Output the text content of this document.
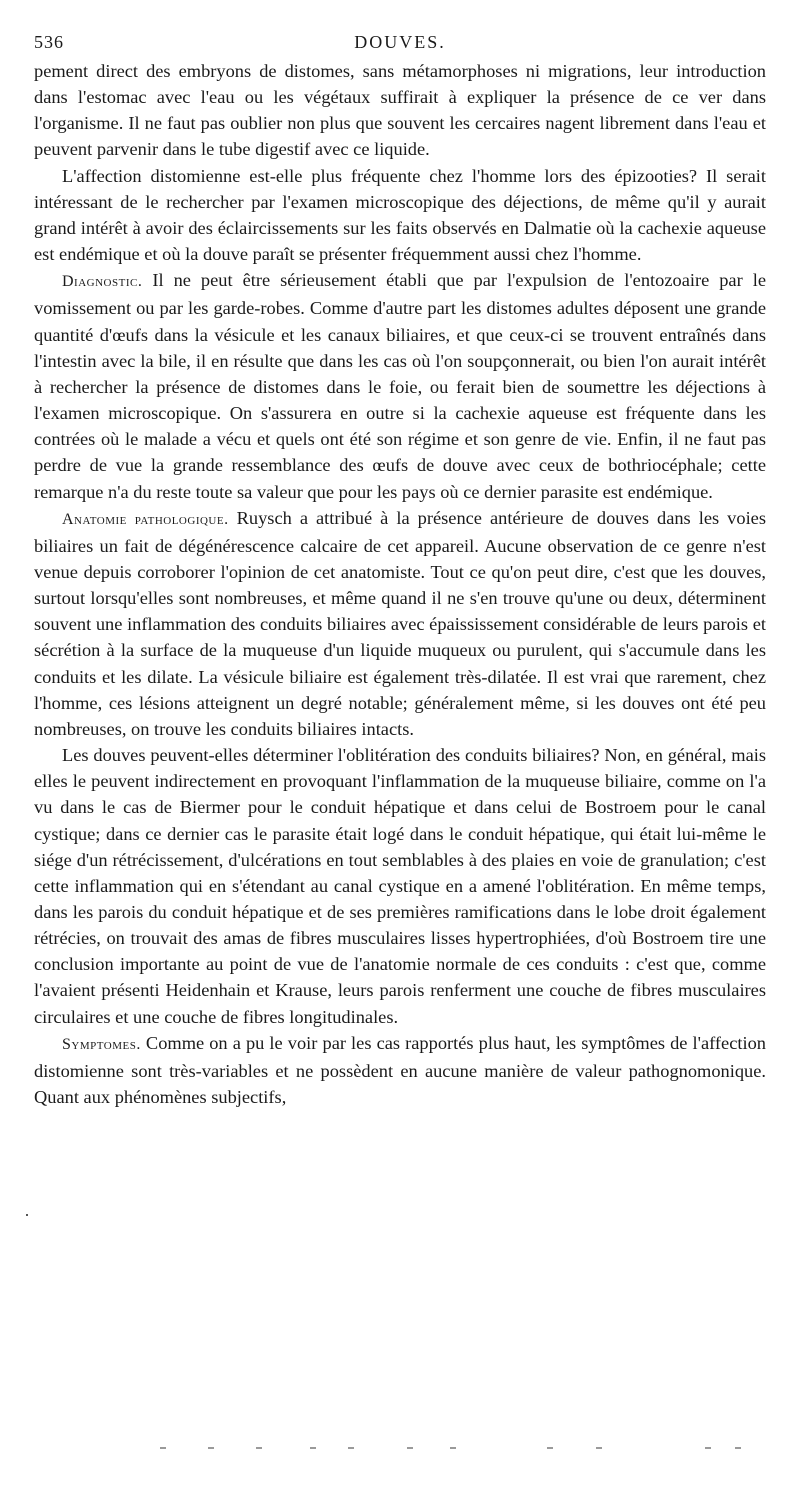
536	DOUVES.

pement direct des embryons de distomes, sans métamorphoses ni migrations, leur introduction dans l'estomac avec l'eau ou les végétaux suffirait à expliquer la présence de ce ver dans l'organisme. Il ne faut pas oublier non plus que souvent les cercaires nagent librement dans l'eau et peuvent parvenir dans le tube digestif avec ce liquide.

L'affection distomienne est-elle plus fréquente chez l'homme lors des épizooties? Il serait intéressant de le rechercher par l'examen microscopique des déjections, de même qu'il y aurait grand intérêt à avoir des éclaircissements sur les faits observés en Dalmatie où la cachexie aqueuse est endémique et où la douve paraît se présenter fréquemment aussi chez l'homme.

Diagnostic. Il ne peut être sérieusement établi que par l'expulsion de l'entozoaire par le vomissement ou par les garde-robes. Comme d'autre part les distomes adultes déposent une grande quantité d'œufs dans la vésicule et les canaux biliaires, et que ceux-ci se trouvent entraînés dans l'intestin avec la bile, il en résulte que dans les cas où l'on soupçonnerait, ou bien l'on aurait intérêt à rechercher la présence de distomes dans le foie, ou ferait bien de soumettre les déjections à l'examen microscopique. On s'assurera en outre si la cachexie aqueuse est fréquente dans les contrées où le malade a vécu et quels ont été son régime et son genre de vie. Enfin, il ne faut pas perdre de vue la grande ressemblance des œufs de douve avec ceux de bothriocéphale; cette remarque n'a du reste toute sa valeur que pour les pays où ce dernier parasite est endémique.

Anatomie pathologique. Ruysch a attribué à la présence antérieure de douves dans les voies biliaires un fait de dégénérescence calcaire de cet appareil. Aucune observation de ce genre n'est venue depuis corroborer l'opinion de cet anatomiste. Tout ce qu'on peut dire, c'est que les douves, surtout lorsqu'elles sont nombreuses, et même quand il ne s'en trouve qu'une ou deux, déterminent souvent une inflammation des conduits biliaires avec épaississement considérable de leurs parois et sécrétion à la surface de la muqueuse d'un liquide muqueux ou purulent, qui s'accumule dans les conduits et les dilate. La vésicule biliaire est également très-dilatée. Il est vrai que rarement, chez l'homme, ces lésions atteignent un degré notable; généralement même, si les douves ont été peu nombreuses, on trouve les conduits biliaires intacts.

Les douves peuvent-elles déterminer l'oblitération des conduits biliaires? Non, en général, mais elles le peuvent indirectement en provoquant l'inflammation de la muqueuse biliaire, comme on l'a vu dans le cas de Biermer pour le conduit hépatique et dans celui de Bostroem pour le canal cystique; dans ce dernier cas le parasite était logé dans le conduit hépatique, qui était lui-même le siége d'un rétrécissement, d'ulcérations en tout semblables à des plaies en voie de granulation; c'est cette inflammation qui en s'étendant au canal cystique en a amené l'oblitération. En même temps, dans les parois du conduit hépatique et de ses premières ramifications dans le lobe droit également rétrécies, on trouvait des amas de fibres musculaires lisses hypertrophiées, d'où Bostroem tire une conclusion importante au point de vue de l'anatomie normale de ces conduits : c'est que, comme l'avaient présenti Heidenhain et Krause, leurs parois renferment une couche de fibres musculaires circulaires et une couche de fibres longitudinales.

Symptomes. Comme on a pu le voir par les cas rapportés plus haut, les symptômes de l'affection distomienne sont très-variables et ne possèdent en aucune manière de valeur pathognomonique. Quant aux phénomènes subjectifs,
